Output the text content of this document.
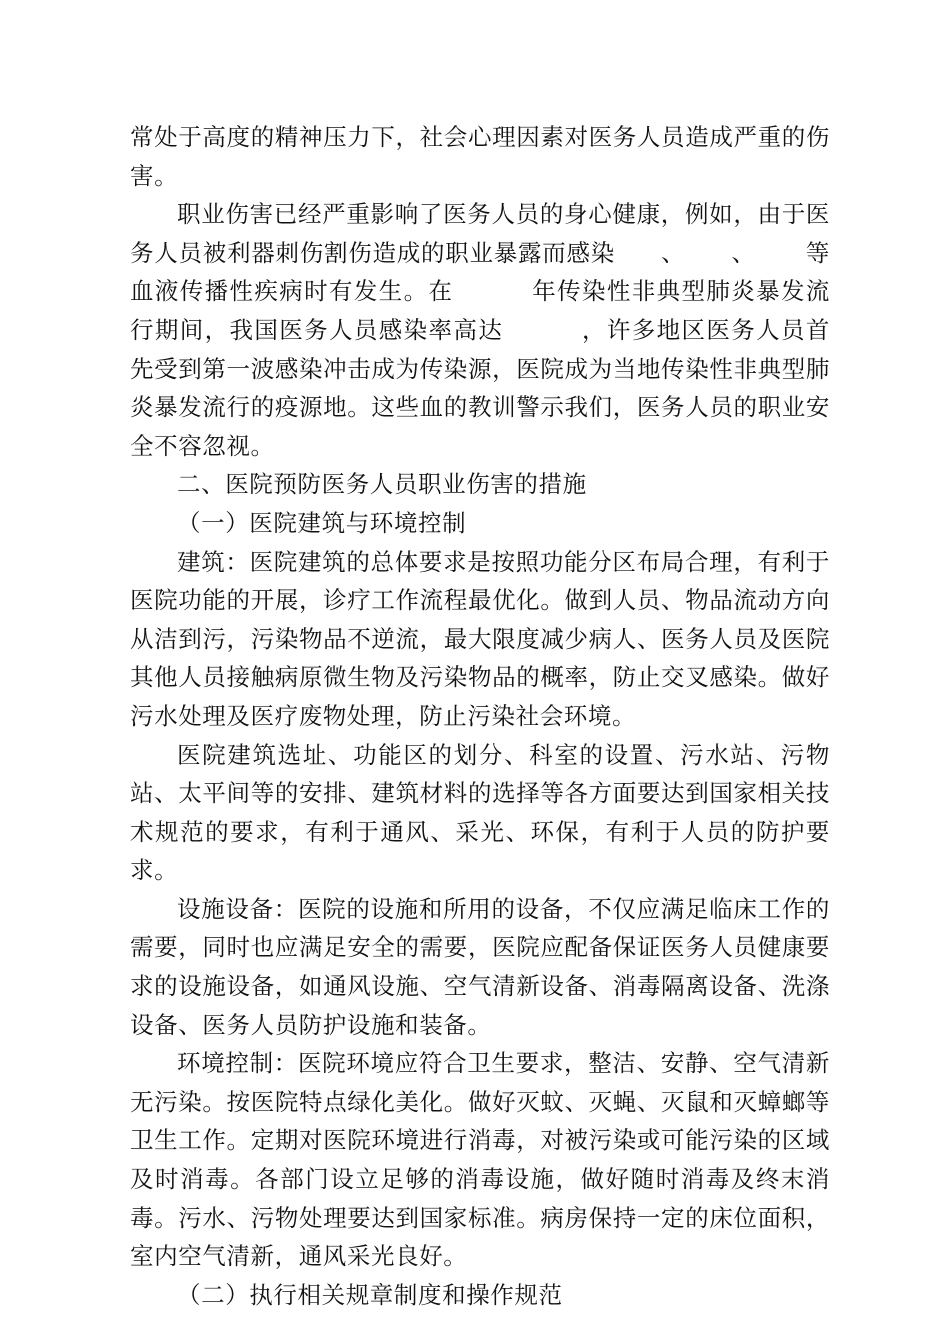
常处于高度的精神压力下，社会心理因素对医务人员造成严重的伤害。

职业伤害已经严重影响了医务人员的身心健康，例如，由于医务人员被利器刺伤割伤造成的职业暴露而感染 、 、 等血液传播性疾病时有发生。在	年传染性非典型肺炎暴发流行期间，我国医务人员感染率高达	，许多地区医务人员首先受到第一波感染冲击成为传染源，医院成为当地传染性非典型肺炎暴发流行的疫源地。这些血的教训警示我们，医务人员的职业安全不容忽视。

二、医院预防医务人员职业伤害的措施

（一）医院建筑与环境控制

建筑：医院建筑的总体要求是按照功能分区布局合理，有利于医院功能的开展，诊疗工作流程最优化。做到人员、物品流动方向从洁到污，污染物品不逆流，最大限度减少病人、医务人员及医院其他人员接触病原微生物及污染物品的概率，防止交叉感染。做好污水处理及医疗废物处理，防止污染社会环境。

医院建筑选址、功能区的划分、科室的设置、污水站、污物站、太平间等的安排、建筑材料的选择等各方面要达到国家相关技术规范的要求，有利于通风、采光、环保，有利于人员的防护要求。

设施设备：医院的设施和所用的设备，不仅应满足临床工作的需要，同时也应满足安全的需要，医院应配备保证医务人员健康要求的设施设备，如通风设施、空气清新设备、消毒隔离设备、洗涤设备、医务人员防护设施和装备。

环境控制：医院环境应符合卫生要求，整洁、安静、空气清新无污染。按医院特点绿化美化。做好灭蚊、灭蝇、灭鼠和灭蟑螂等卫生工作。定期对医院环境进行消毒，对被污染或可能污染的区域及时消毒。各部门设立足够的消毒设施，做好随时消毒及终末消毒。污水、污物处理要达到国家标准。病房保持一定的床位面积，室内空气清新，通风采光良好。

（二）执行相关规章制度和操作规范
